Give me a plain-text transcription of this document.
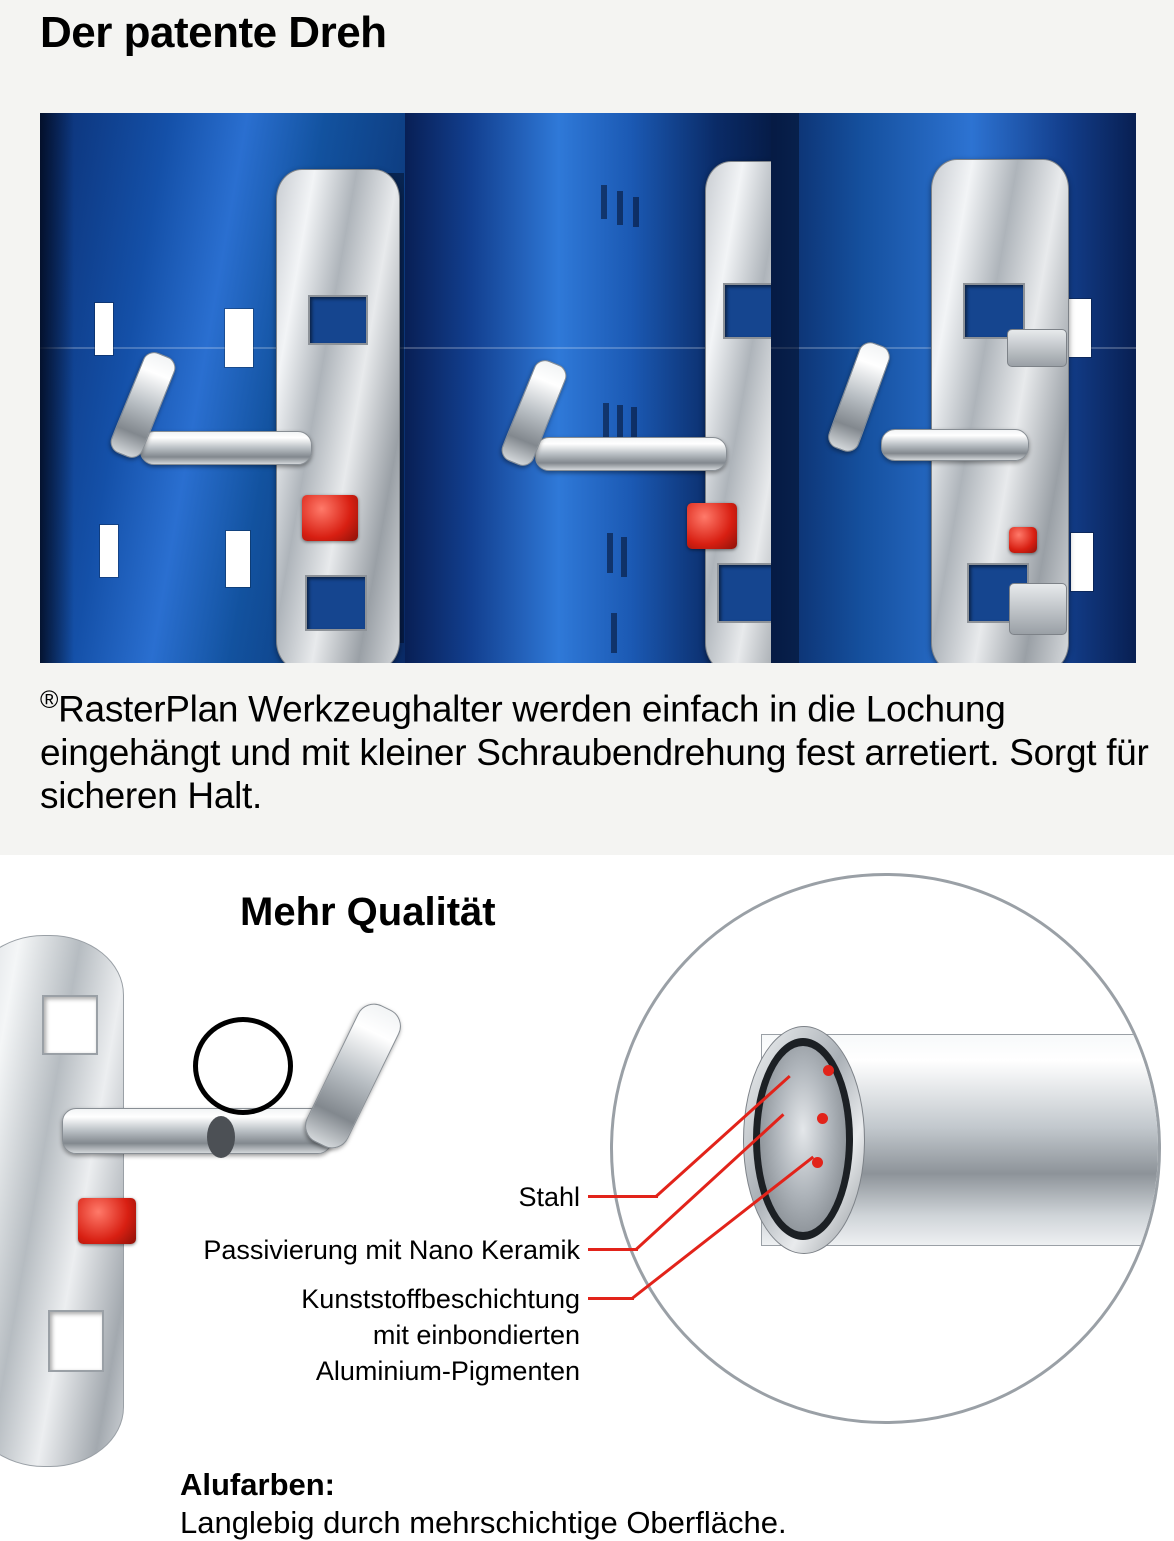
Der patente Dreh
®RasterPlan Werkzeughalter werden einfach in die Lochung eingehängt und mit kleiner Schraubendrehung fest arretiert. Sorgt für sicheren Halt.
Mehr Qualität
Stahl
Passivierung mit Nano Keramik
Kunststoffbeschichtung
mit einbondierten
Aluminium-Pigmenten
Alufarben:
Langlebig durch mehrschichtige Oberfläche.
